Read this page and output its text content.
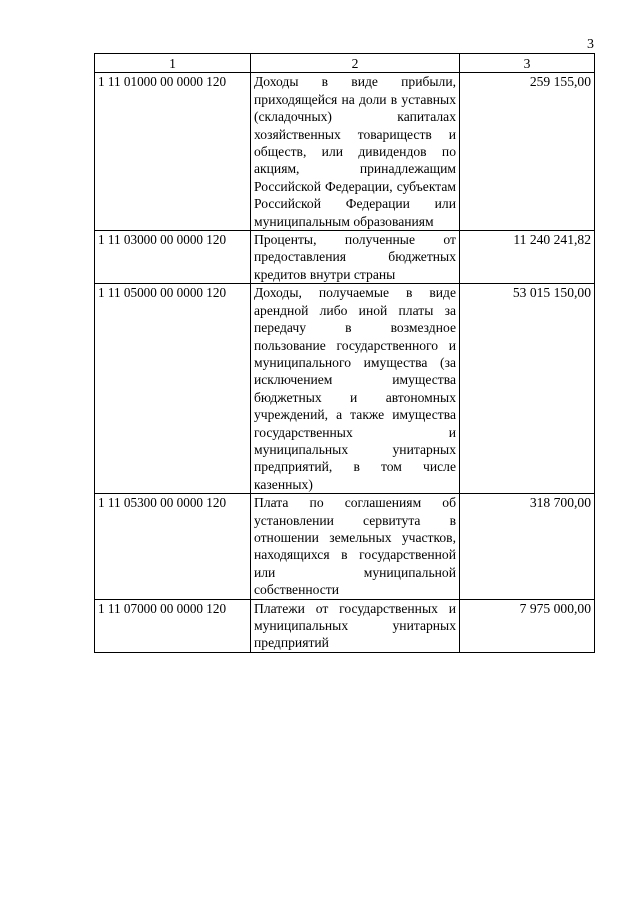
3
1	2	3
1 11 01000 00 0000 120	Доходы в виде прибыли, приходящейся на доли в уставных (складочных) капиталах хозяйственных товариществ и обществ, или дивидендов по акциям, принадлежащим Российской Федерации, субъектам Российской Федерации или муниципальным образованиям	259 155,00
1 11 03000 00 0000 120	Проценты, полученные от предоставления бюджетных кредитов внутри страны	11 240 241,82
1 11 05000 00 0000 120	Доходы, получаемые в виде арендной либо иной платы за передачу в возмездное пользование государственного и муниципального имущества (за исключением имущества бюджетных и автономных учреждений, а также имущества государственных и муниципальных унитарных предприятий, в том числе казенных)	53 015 150,00
1 11 05300 00 0000 120	Плата по соглашениям об установлении сервитута в отношении земельных участков, находящихся в государственной или муниципальной собственности	318 700,00
1 11 07000 00 0000 120	Платежи от государственных и муниципальных унитарных предприятий	7 975 000,00
